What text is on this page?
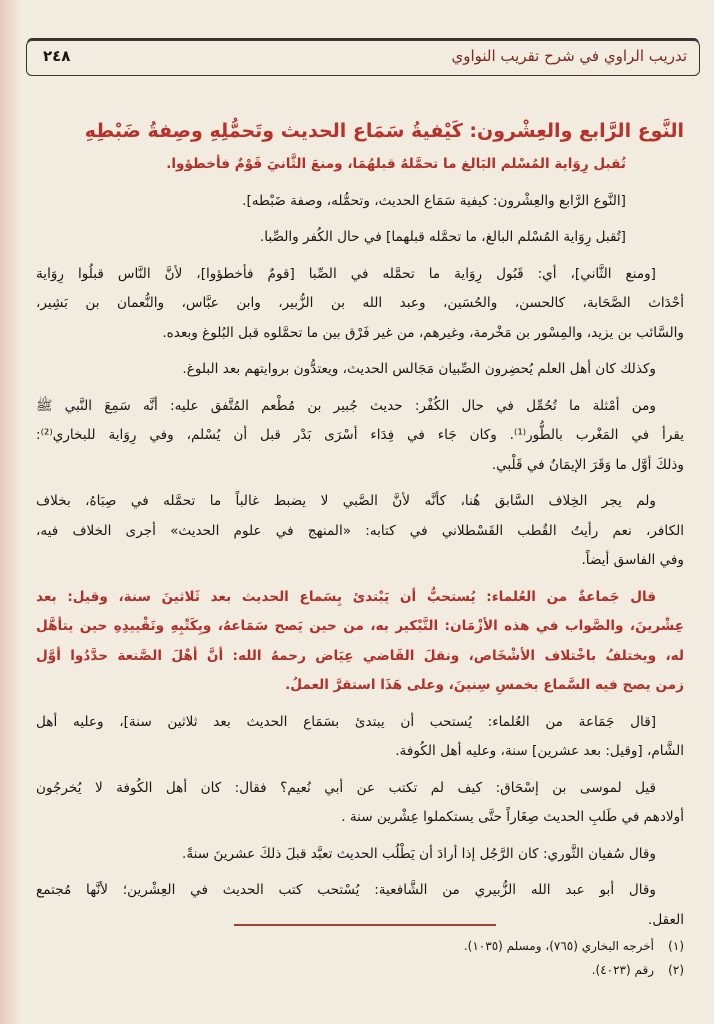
تدريب الراوي في شرح تقريب النواوي
٢٤٨
النَّوع الرَّابع والعِشْرون: كَيْفيةُ سَمَاع الحديث وتَحمُّلِهِ وصِفةُ ضَبْطِهِ
تُقبل رِوَاية المُسْلم البَالغ ما تحمَّلهُ قبلهُمَا، ومنعَ الثَّانيَ قَوْمٌ فأخطؤوا.
[النَّوع الرَّابع والعِشْرون: كيفية سَمَاع الحديث، وتحمُّله، وصفة ضَبْطه].
[تُقبل رِوَاية المُسْلم البالغ، ما تحمَّله قبلهما] في حال الكُفر والصِّبا.
[ومنع الثَّاني]، أي: قَبُول رِوَاية ما تحمَّله في الصِّبا [قومٌ فأخطؤوا]، لأنَّ النَّاس قبلُوا رِوَاية
أحْدَاث الصَّحَابة، كالحسن، والحُسَين، وعبد الله بن الزُّبير، وابن عبَّاس، والنُّعمان بن بَشِير،
والسَّائب بن يزيد، والمِسْور بن مَخْرمة، وغيرهم، من غير فَرْق بين ما تحمَّلوه قبل البُلوغ وبعده.
وكذلك كان أهل العلم يُحضِرون الصِّبيان مَجَالس الحديث، ويعتدُّون بروايتهم بعد البلوغ.
ومن أمْثلة ما تُحُمِّل في حال الكُفْر: حديث جُبير بن مُطْعم المُتَّفق عليه: أنَّه سَمِعَ النَّبي ﷺ
يقرأ في المَغْرب بالطُّور⁽¹⁾. وكان جَاء في فِدَاء أسْرَى بَدْر قبل أن يُسْلم، وفي رِوَاية للبخاري⁽²⁾:
وذلكَ أوَّل ما وَقَرَ الإيمَانُ في قَلْبي.
ولم يجر الخِلاف السَّابق هُنا، كأنَّه لأنَّ الصَّبي لا يضبط غالباً ما تحمَّله في صِبَاهُ، بخلاف
الكافر، نعم رأيتُ القُطب القَسْطلاني في كتابه: «المنهج في علوم الحديث» أجرى الخلاف فيه،
وفي الفاسق أيضاً.
قال جَماعةٌ من العُلماء: يُستحبُّ أن يَبْتدئ بِسَماع الحديث بعد ثَلاثينَ سنة، وقيل: بعد
عِشْرينَ، والصَّواب في هذه الأزْمَان: التَّبْكير به، من حين يَصح سَمَاعهُ، وبِكَتْبِهِ وتَقْييدِهِ حين يتأهَّل
له، ويختلفُ باخْتلاف الأشْخَاص، ونقلَ القَاضي عِيَاض رحمهُ الله: أنَّ أهْلَ الصَّنعة حدَّدُوا أوَّل
زمن يصح فيه السَّماع بخمسِ سِنينَ، وعلى هَذَا استقرَّ العملُ.
[قال جَمَاعة من العُلماء: يُستحب أن يبتدئ بسَمَاع الحديث بعد ثلاثين سنة]، وعليه أهل
الشَّام، [وقيل: بعد عشرين] سنة، وعليه أهل الكُوفة.
قيل لموسى بن إسْحَاق: كيف لم تكتب عن أبي نُعيم؟ فقال: كان أهل الكُوفة لا يُخرجُون
أولادهم في طَلبِ الحديث صِغَاراً حتَّى يستكملوا عِشْرين سنة .
وقال سُفيان الثَّوري: كان الرَّجُل إذا أرادَ أن يَطْلُب الحديث تعبَّد قبلَ ذلكَ عشرينَ سنةً.
وقال أبو عبد الله الزُّبيري من الشَّافعية: يُسْتحب كتب الحديث في العِشْرين؛ لأنَّها مُجتمع
العقل.
(١)أخرجه البخاري (٧٦٥)، ومسلم (١٠٣٥).
(٢)رقم (٤٠٢٣).
